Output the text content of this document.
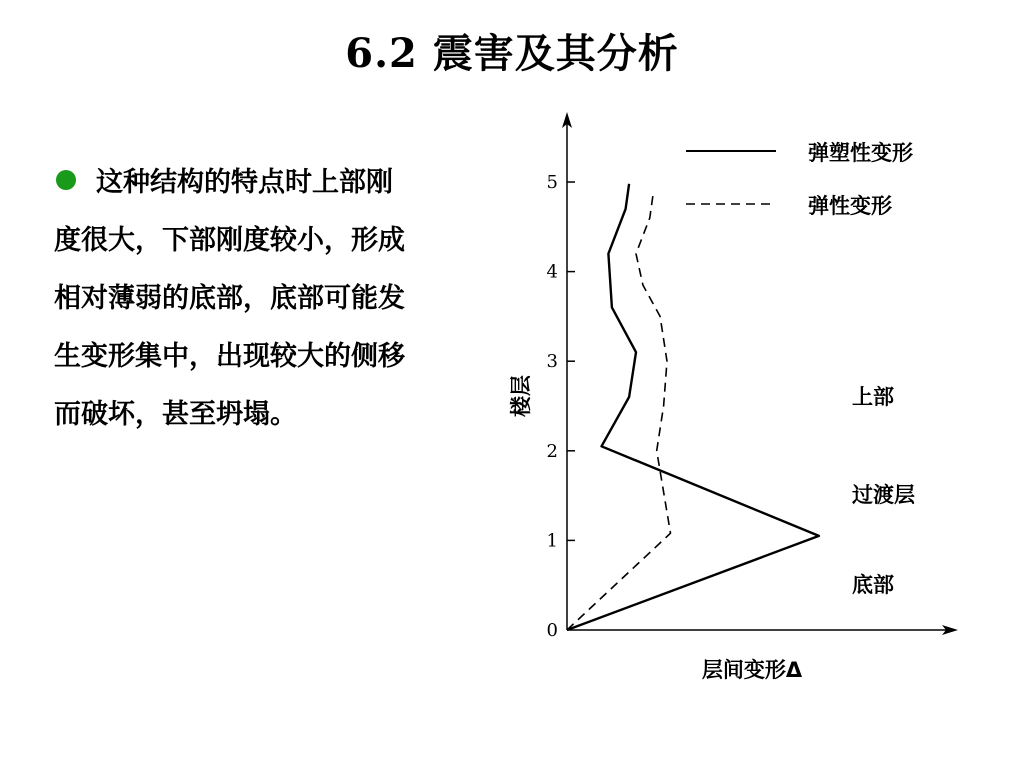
6.2 震害及其分析
这种结构的特点时上部刚度很大，下部刚度较小，形成相对薄弱的底部，底部可能发生变形集中，出现较大的侧移而破坏，甚至坍塌。
0
1
2
3
4
5
弹塑性变形
弹性变形
上部
过渡层
底部
楼层
层间变形Δ
